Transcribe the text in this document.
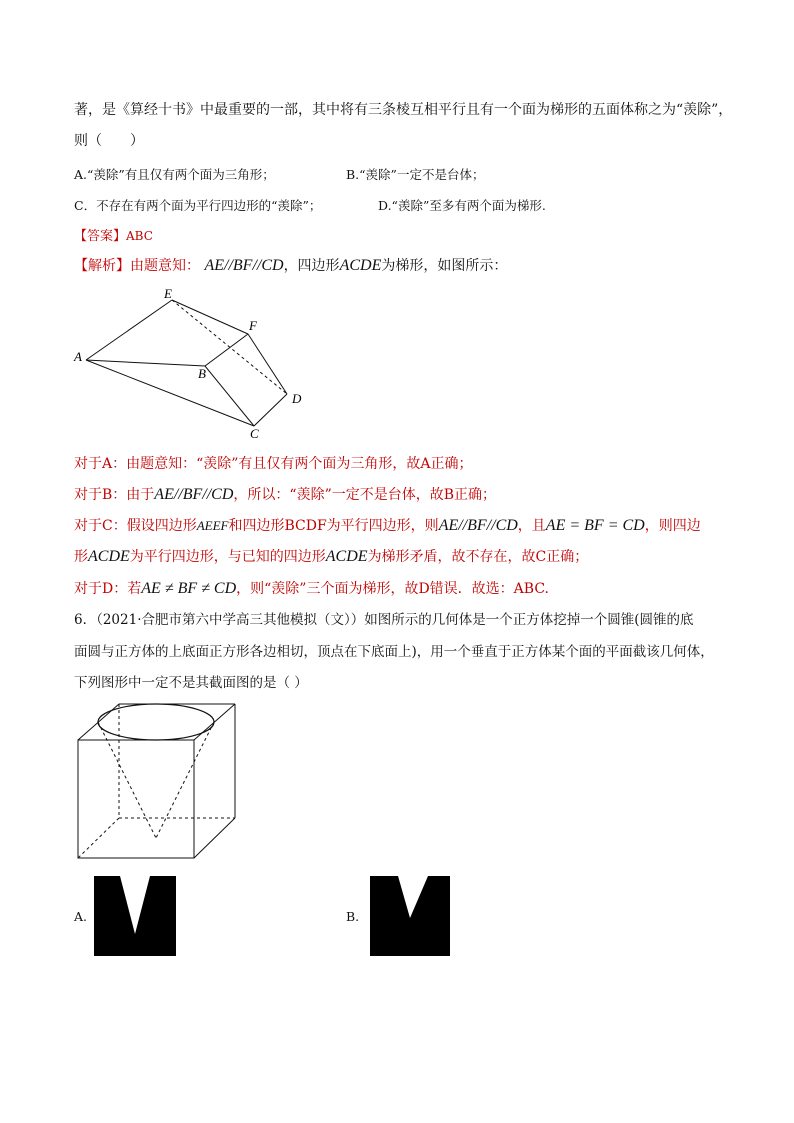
著，是《算经十书》中最重要的一部，其中将有三条棱互相平行且有一个面为梯形的五面体称之为“羡除”，
则（　　）
A.“羡除”有且仅有两个面为三角形；	B.“羡除”一定不是台体；
C．不存在有两个面为平行四边形的“羡除”；	D.“羡除”至多有两个面为梯形.
【答案】ABC
【解析】由题意知： AE//BF//CD，四边形ACDE为梯形，如图所示：
A
E
F
B
D
C
对于A：由题意知：“羡除”有且仅有两个面为三角形，故A正确；
对于B：由于AE//BF//CD，所以：“羡除”一定不是台体，故B正确；
对于C：假设四边形AEEF和四边形BCDF为平行四边形，则AE//BF//CD，且AE = BF = CD，则四边
形ACDE为平行四边形，与已知的四边形ACDE为梯形矛盾，故不存在，故C正确；
对于D：若AE ≠ BF ≠ CD，则“羡除”三个面为梯形，故D错误．故选：ABC.
6．（2021·合肥市第六中学高三其他模拟（文））如图所示的几何体是一个正方体挖掉一个圆锥(圆锥的底
面圆与正方体的上底面正方形各边相切，顶点在下底面上)，用一个垂直于正方体某个面的平面截该几何体，
下列图形中一定不是其截面图的是（ ）
A.	B.
